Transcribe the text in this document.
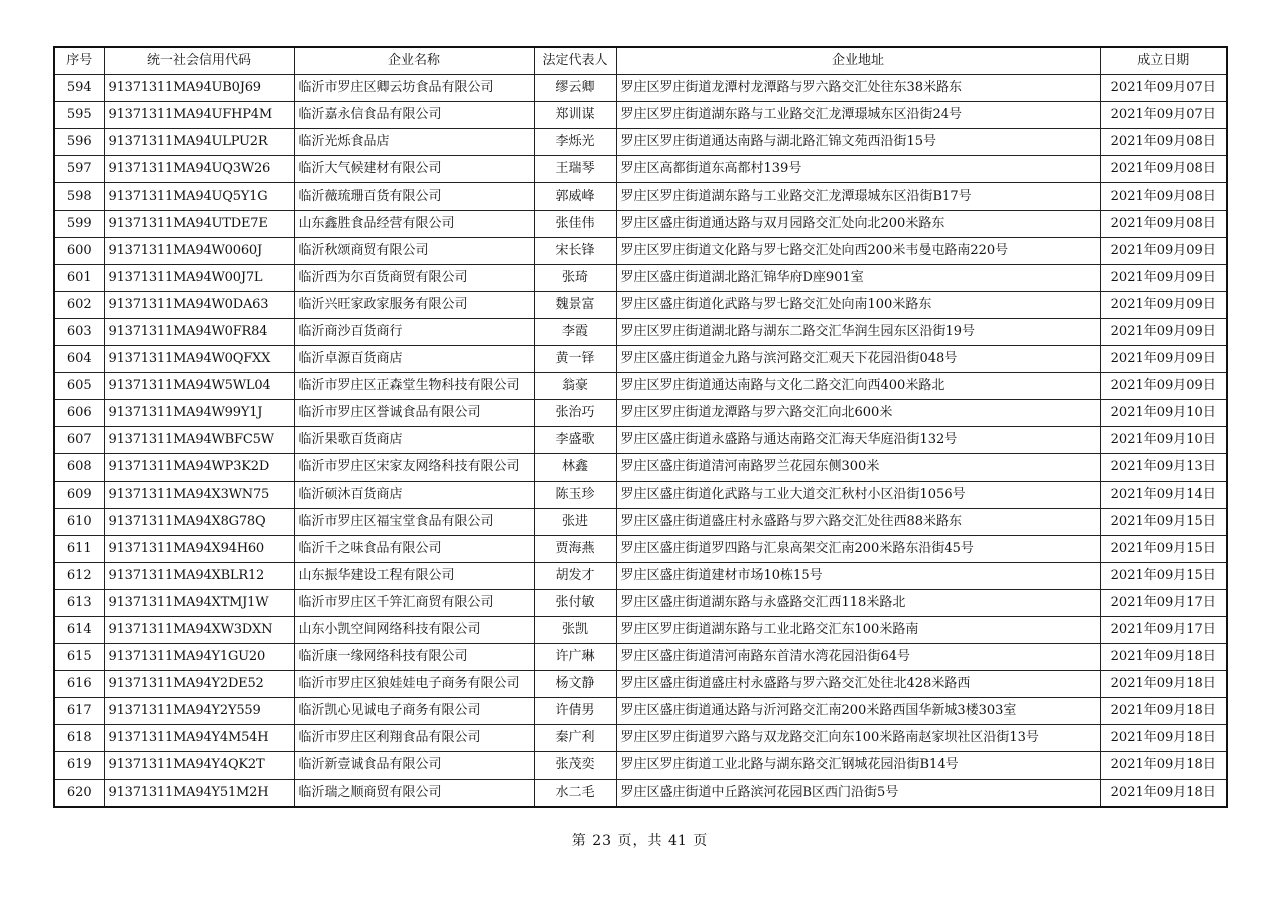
序号	统一社会信用代码	企业名称	法定代表人	企业地址	成立日期
594	91371311MA94UB0J69	临沂市罗庄区卿云坊食品有限公司	缪云卿	罗庄区罗庄街道龙潭村龙潭路与罗六路交汇处往东38米路东	2021年09月07日
595	91371311MA94UFHP4M	临沂嘉永信食品有限公司	郑训谋	罗庄区罗庄街道湖东路与工业路交汇龙潭璟城东区沿街24号	2021年09月07日
596	91371311MA94ULPU2R	临沂光烁食品店	李烁光	罗庄区罗庄街道通达南路与湖北路汇锦文苑西沿街15号	2021年09月08日
597	91371311MA94UQ3W26	临沂大气候建材有限公司	王瑞琴	罗庄区高都街道东高都村139号	2021年09月08日
598	91371311MA94UQ5Y1G	临沂薇琉珊百货有限公司	郭威峰	罗庄区罗庄街道湖东路与工业路交汇龙潭璟城东区沿街B17号	2021年09月08日
599	91371311MA94UTDE7E	山东鑫胜食品经营有限公司	张佳伟	罗庄区盛庄街道通达路与双月园路交汇处向北200米路东	2021年09月08日
600	91371311MA94W0060J	临沂秋颂商贸有限公司	宋长锋	罗庄区罗庄街道文化路与罗七路交汇处向西200米韦曼屯路南220号	2021年09月09日
601	91371311MA94W00J7L	临沂西为尔百货商贸有限公司	张琦	罗庄区盛庄街道湖北路汇锦华府D座901室	2021年09月09日
602	91371311MA94W0DA63	临沂兴旺家政家服务有限公司	魏景富	罗庄区盛庄街道化武路与罗七路交汇处向南100米路东	2021年09月09日
603	91371311MA94W0FR84	临沂商沙百货商行	李霞	罗庄区罗庄街道湖北路与湖东二路交汇华润生园东区沿街19号	2021年09月09日
604	91371311MA94W0QFXX	临沂卓源百货商店	黄一铎	罗庄区盛庄街道金九路与滨河路交汇观天下花园沿街048号	2021年09月09日
605	91371311MA94W5WL04	临沂市罗庄区正森堂生物科技有限公司	翁豪	罗庄区罗庄街道通达南路与文化二路交汇向西400米路北	2021年09月09日
606	91371311MA94W99Y1J	临沂市罗庄区誉诚食品有限公司	张治巧	罗庄区罗庄街道龙潭路与罗六路交汇向北600米	2021年09月10日
607	91371311MA94WBFC5W	临沂果歌百货商店	李盛歌	罗庄区盛庄街道永盛路与通达南路交汇海天华庭沿街132号	2021年09月10日
608	91371311MA94WP3K2D	临沂市罗庄区宋家友网络科技有限公司	林鑫	罗庄区盛庄街道清河南路罗兰花园东侧300米	2021年09月13日
609	91371311MA94X3WN75	临沂硕沐百货商店	陈玉珍	罗庄区盛庄街道化武路与工业大道交汇秋村小区沿街1056号	2021年09月14日
610	91371311MA94X8G78Q	临沂市罗庄区福宝堂食品有限公司	张进	罗庄区盛庄街道盛庄村永盛路与罗六路交汇处往西88米路东	2021年09月15日
611	91371311MA94X94H60	临沂千之味食品有限公司	贾海燕	罗庄区盛庄街道罗四路与汇泉高架交汇南200米路东沿街45号	2021年09月15日
612	91371311MA94XBLR12	山东振华建设工程有限公司	胡发才	罗庄区盛庄街道建材市场10栋15号	2021年09月15日
613	91371311MA94XTMJ1W	临沂市罗庄区千笄汇商贸有限公司	张付敏	罗庄区盛庄街道湖东路与永盛路交汇西118米路北	2021年09月17日
614	91371311MA94XW3DXN	山东小凯空间网络科技有限公司	张凯	罗庄区罗庄街道湖东路与工业北路交汇东100米路南	2021年09月17日
615	91371311MA94Y1GU20	临沂康一缘网络科技有限公司	许广琳	罗庄区盛庄街道清河南路东首清水湾花园沿街64号	2021年09月18日
616	91371311MA94Y2DE52	临沂市罗庄区狼娃娃电子商务有限公司	杨文静	罗庄区盛庄街道盛庄村永盛路与罗六路交汇处往北428米路西	2021年09月18日
617	91371311MA94Y2Y559	临沂凯心见诚电子商务有限公司	许倩男	罗庄区盛庄街道通达路与沂河路交汇南200米路西国华新城3楼303室	2021年09月18日
618	91371311MA94Y4M54H	临沂市罗庄区利翔食品有限公司	秦广利	罗庄区罗庄街道罗六路与双龙路交汇向东100米路南赵家坝社区沿街13号	2021年09月18日
619	91371311MA94Y4QK2T	临沂新壹诚食品有限公司	张茂奕	罗庄区罗庄街道工业北路与湖东路交汇钢城花园沿街B14号	2021年09月18日
620	91371311MA94Y51M2H	临沂瑞之顺商贸有限公司	水二毛	罗庄区盛庄街道中丘路滨河花园B区西门沿街5号	2021年09月18日
第 23 页，共 41 页
